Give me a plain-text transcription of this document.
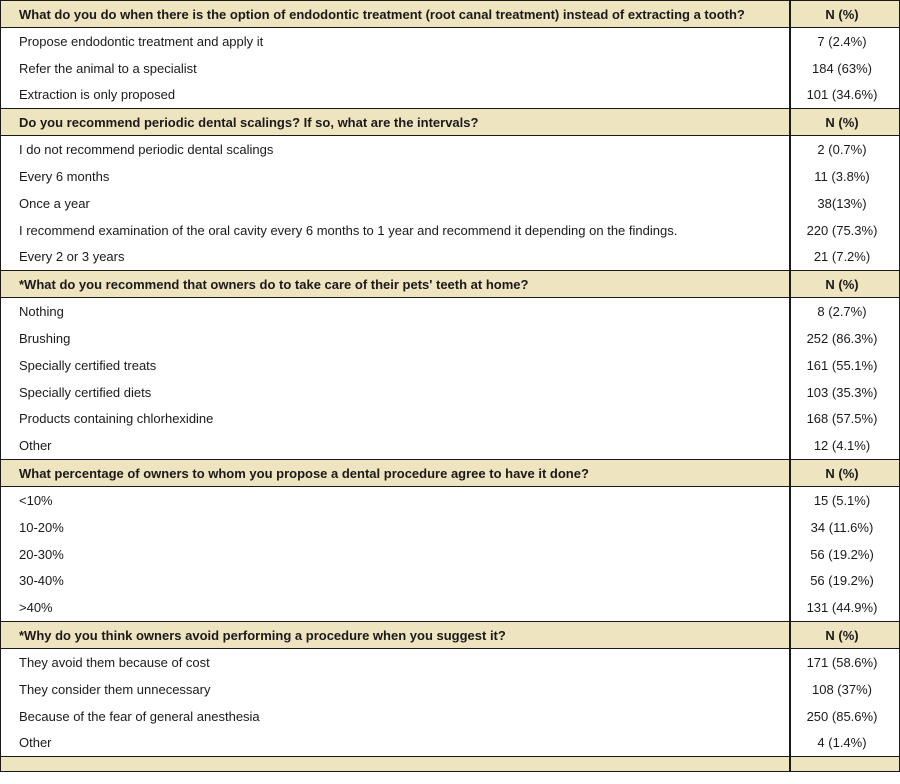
What do you do when there is the option of endodontic treatment (root canal treatment) instead of extracting a tooth?	N (%)
Propose endodontic treatment and apply it	7 (2.4%)
Refer the animal to a specialist	184 (63%)
Extraction is only proposed	101 (34.6%)
Do you recommend periodic dental scalings? If so, what are the intervals?	N (%)
I do not recommend periodic dental scalings	2 (0.7%)
Every 6 months	11 (3.8%)
Once a year	38(13%)
I recommend examination of the oral cavity every 6 months to 1 year and recommend it depending on the findings.	220 (75.3%)
Every 2 or 3 years	21 (7.2%)
*What do you recommend that owners do to take care of their pets' teeth at home?	N (%)
Nothing	8 (2.7%)
Brushing	252 (86.3%)
Specially certified treats	161 (55.1%)
Specially certified diets	103 (35.3%)
Products containing chlorhexidine	168 (57.5%)
Other	12 (4.1%)
What percentage of owners to whom you propose a dental procedure agree to have it done?	N (%)
<10%	15 (5.1%)
10-20%	34 (11.6%)
20-30%	56 (19.2%)
30-40%	56 (19.2%)
>40%	131 (44.9%)
*Why do you think owners avoid performing a procedure when you suggest it?	N (%)
They avoid them because of cost	171 (58.6%)
They consider them unnecessary	108 (37%)
Because of the fear of general anesthesia	250 (85.6%)
Other	4 (1.4%)
